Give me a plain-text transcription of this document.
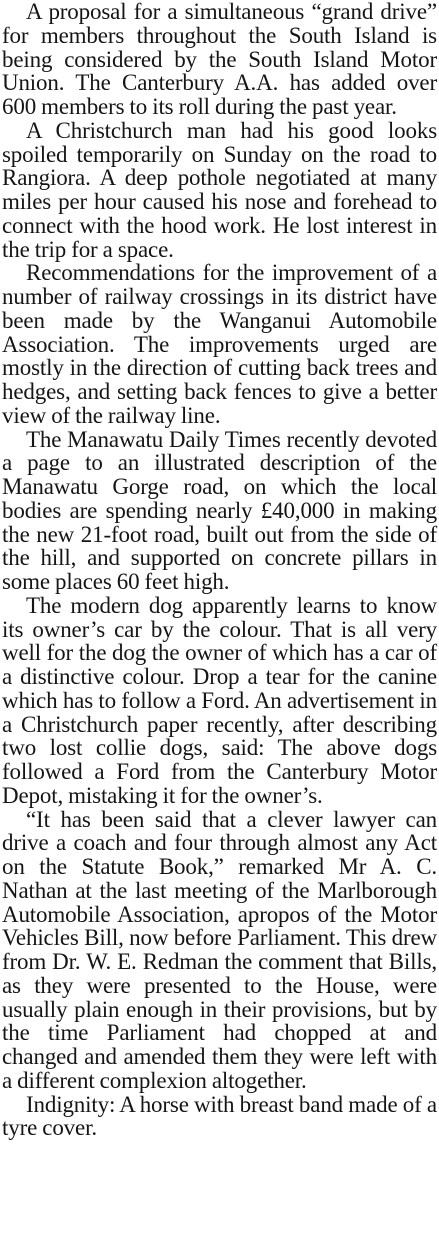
A proposal for a simultaneous “grand drive” for members throughout the South Island is being considered by the South Island Motor Union. The Canterbury A.A. has added over 600 members to its roll during the past year.

A Christchurch man had his good looks spoiled temporarily on Sunday on the road to Rangiora. A deep pothole negotiated at many miles per hour caused his nose and forehead to connect with the hood work. He lost interest in the trip for a space.

Recommendations for the improvement of a number of railway crossings in its district have been made by the Wanganui Automobile Association. The improvements urged are mostly in the direction of cutting back trees and hedges, and setting back fences to give a better view of the railway line.

The Manawatu Daily Times recently devoted a page to an illustrated description of the Manawatu Gorge road, on which the local bodies are spending nearly £40,000 in making the new 21-foot road, built out from the side of the hill, and supported on concrete pillars in some places 60 feet high.

The modern dog apparently learns to know its owner’s car by the colour. That is all very well for the dog the owner of which has a car of a distinctive colour. Drop a tear for the canine which has to follow a Ford. An advertisement in a Christchurch paper recently, after describing two lost collie dogs, said: The above dogs followed a Ford from the Canterbury Motor Depot, mistaking it for the owner’s.

“It has been said that a clever lawyer can drive a coach and four through almost any Act on the Statute Book,” remarked Mr A. C. Nathan at the last meeting of the Marlborough Automobile Association, apropos of the Motor Vehicles Bill, now before Parliament. This drew from Dr. W. E. Redman the comment that Bills, as they were presented to the House, were usually plain enough in their provisions, but by the time Parliament had chopped at and changed and amended them they were left with a different complexion altogether.

Indignity: A horse with breast band made of a tyre cover.
